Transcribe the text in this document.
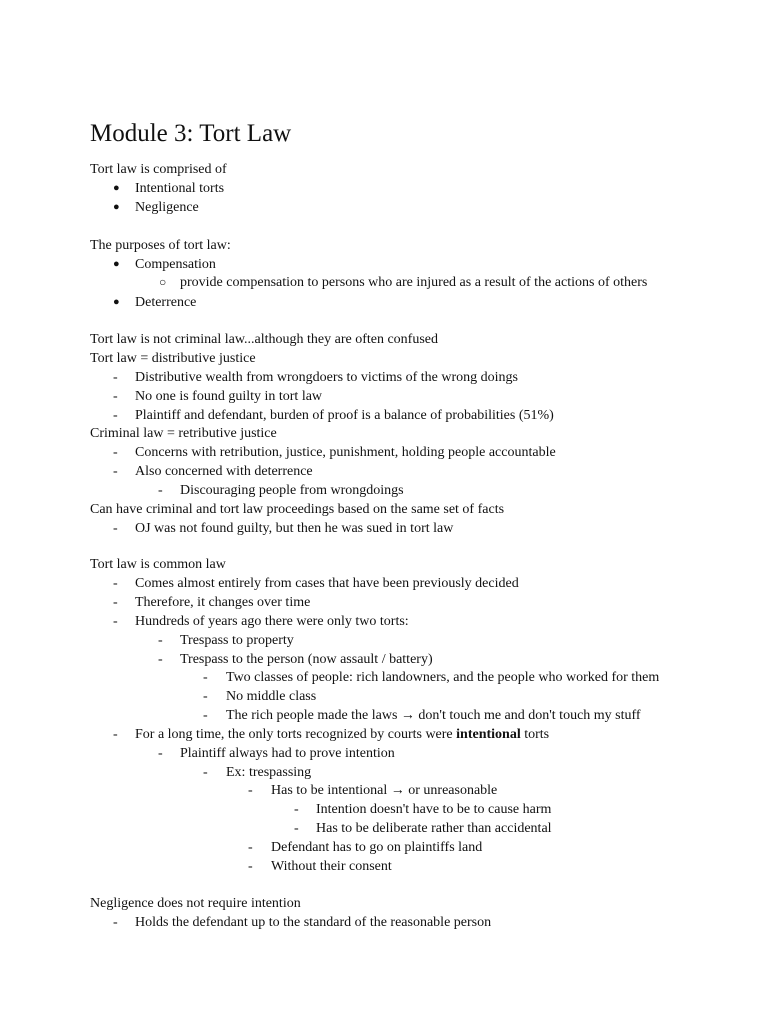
Module 3: Tort Law
Tort law is comprised of
● Intentional torts
● Negligence
The purposes of tort law:
● Compensation
○ provide compensation to persons who are injured as a result of the actions of others
● Deterrence
Tort law is not criminal law...although they are often confused
Tort law = distributive justice
- Distributive wealth from wrongdoers to victims of the wrong doings
- No one is found guilty in tort law
- Plaintiff and defendant, burden of proof is a balance of probabilities (51%)
Criminal law = retributive justice
- Concerns with retribution, justice, punishment, holding people accountable
- Also concerned with deterrence
- Discouraging people from wrongdoings
Can have criminal and tort law proceedings based on the same set of facts
- OJ was not found guilty, but then he was sued in tort law
Tort law is common law
- Comes almost entirely from cases that have been previously decided
- Therefore, it changes over time
- Hundreds of years ago there were only two torts:
- Trespass to property
- Trespass to the person (now assault / battery)
- Two classes of people: rich landowners, and the people who worked for them
- No middle class
- The rich people made the laws → don't touch me and don't touch my stuff
- For a long time, the only torts recognized by courts were intentional torts
- Plaintiff always had to prove intention
- Ex: trespassing
- Has to be intentional → or unreasonable
- Intention doesn't have to be to cause harm
- Has to be deliberate rather than accidental
- Defendant has to go on plaintiffs land
- Without their consent
Negligence does not require intention
- Holds the defendant up to the standard of the reasonable person
